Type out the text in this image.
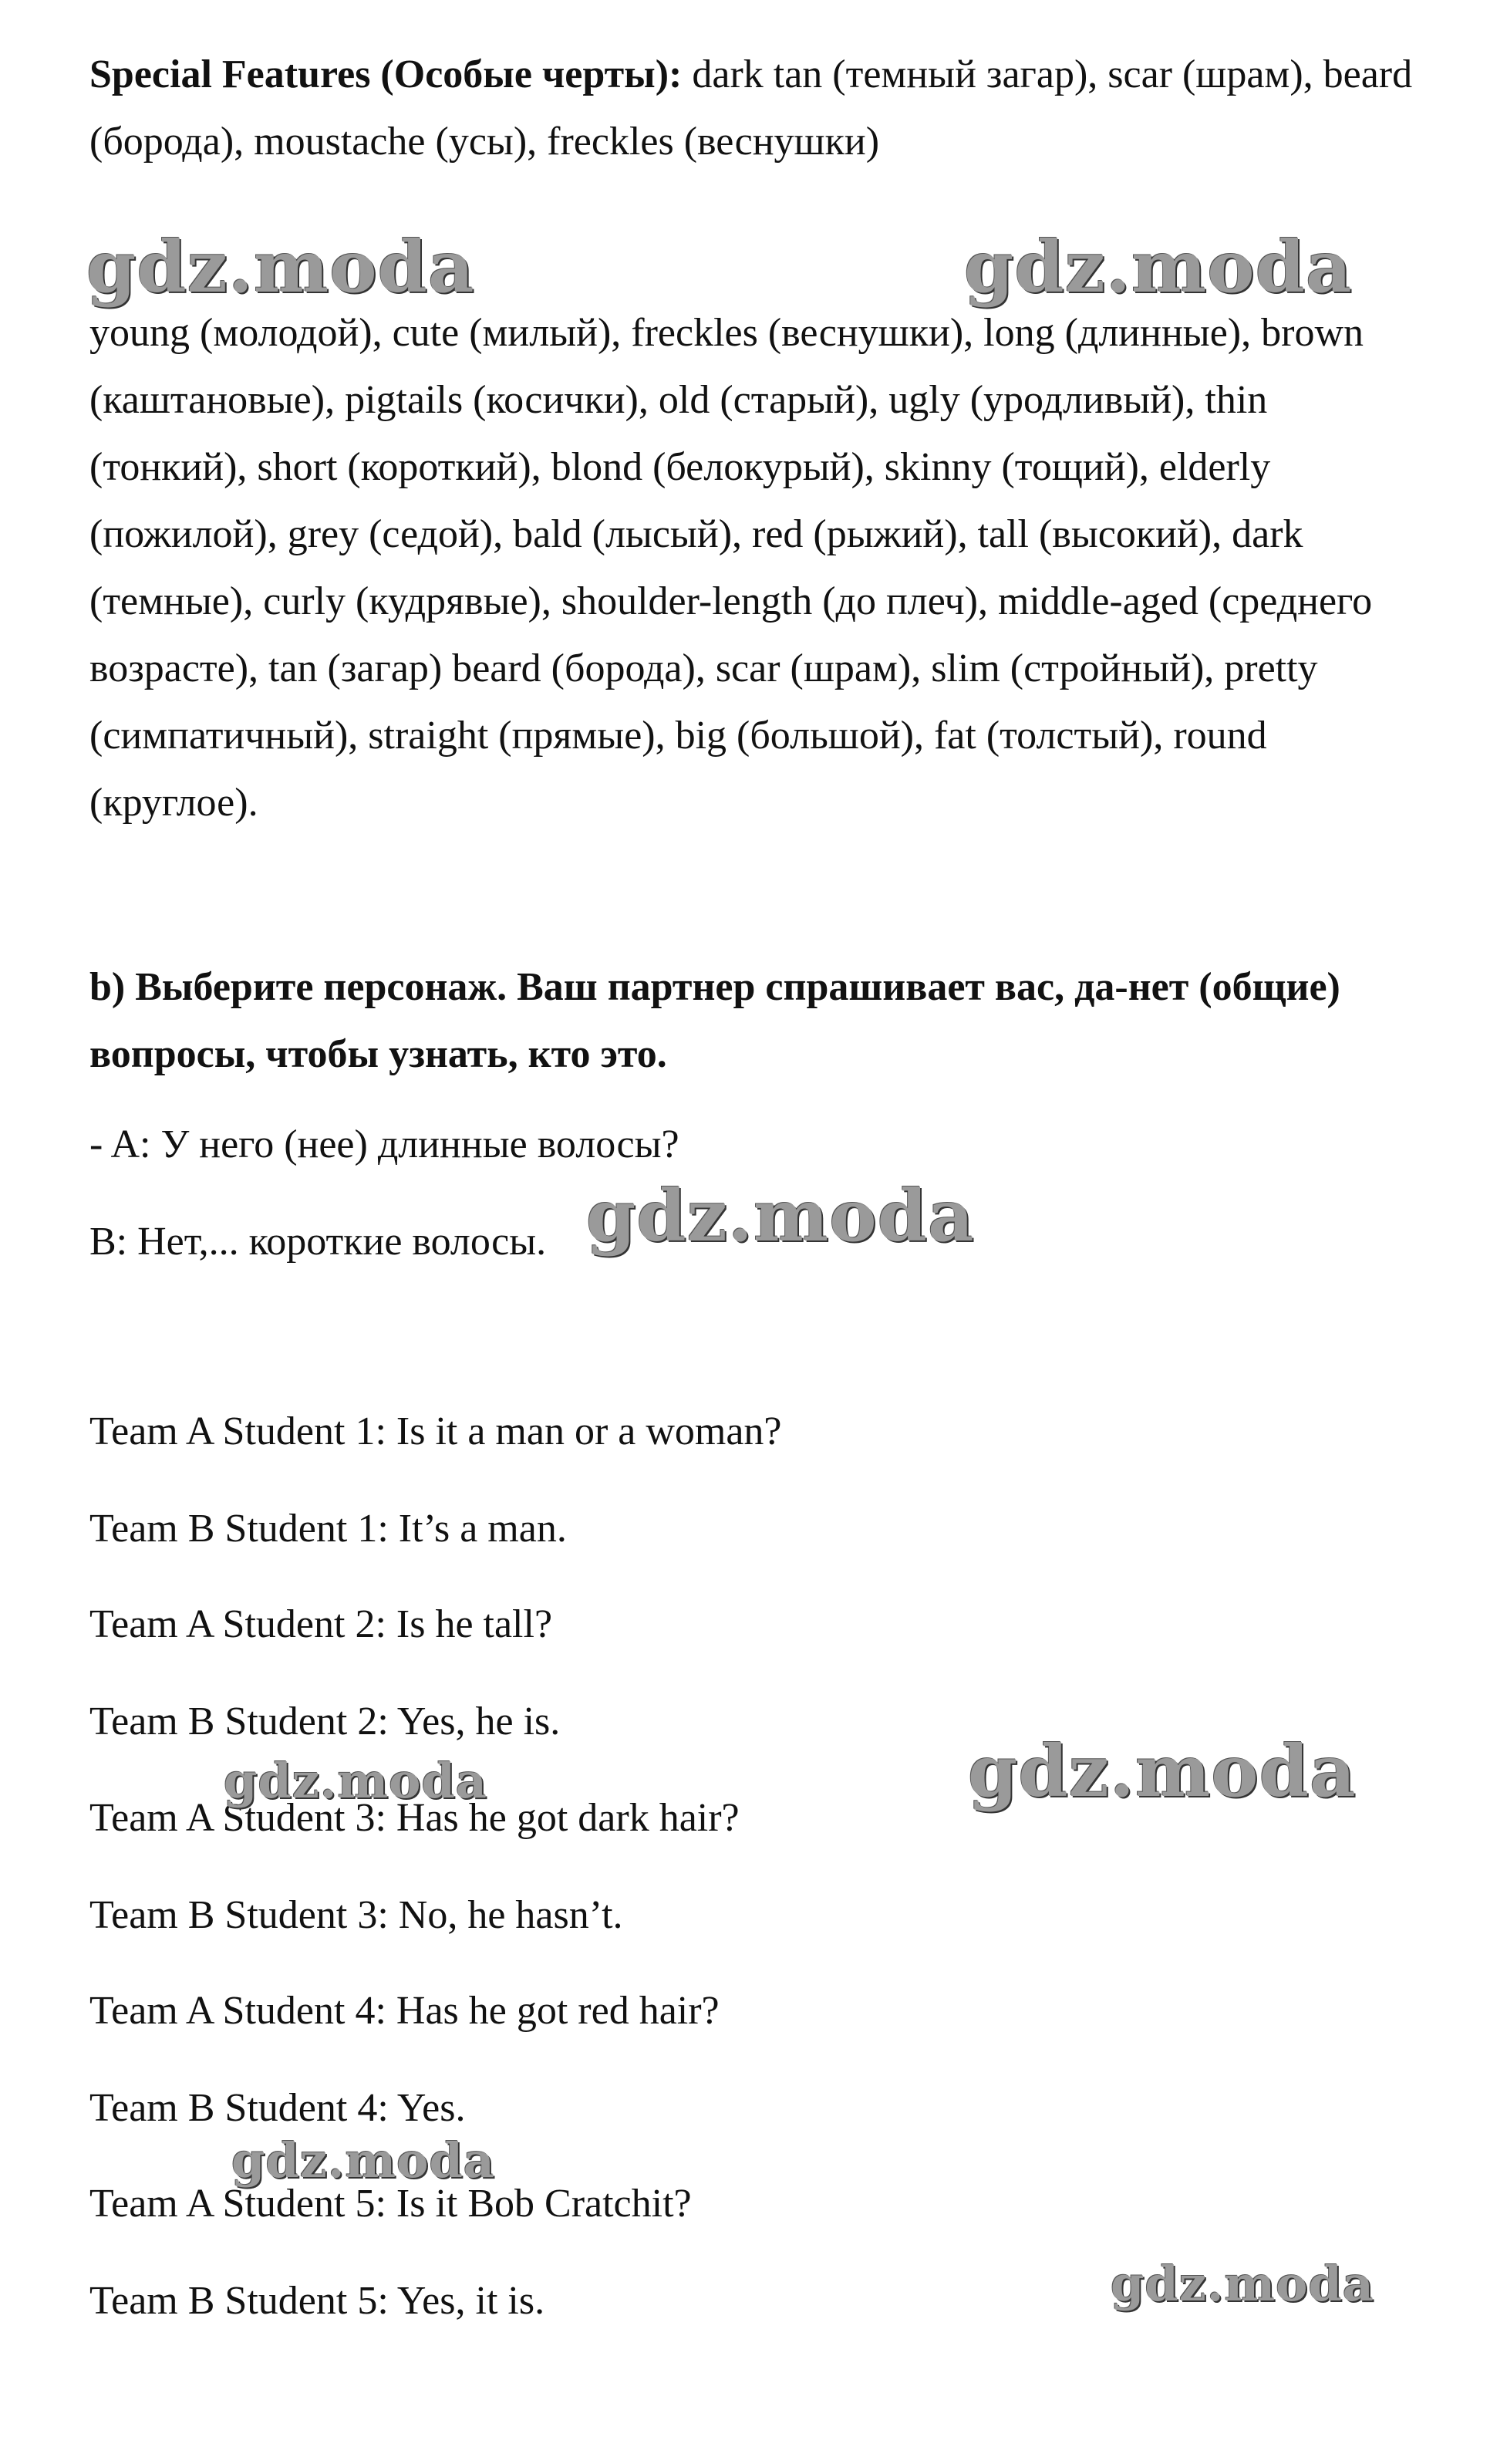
Special Features (Особые черты): dark tan (темный загар), scar (шрам), beard (борода), moustache (усы), freckles (веснушки)
young (молодой), cute (милый), freckles (веснушки), long (длинные), brown (каштановые), pigtails (косички), old (старый), ugly (уродливый), thin (тонкий), short (короткий), blond (белокурый), skinny (тощий), elderly (пожилой), grey (седой), bald (лысый), red (рыжий), tall (высокий), dark (темные), curly (кудрявые), shoulder-length (до плеч), middle-aged (среднего возрасте), tan (загар) beard (борода), scar (шрам), slim (стройный), pretty (симпатичный), straight (прямые), big (большой), fat (толстый), round (круглое).
b) Выберите персонаж. Ваш партнер спрашивает вас, да-нет (общие) вопросы, чтобы узнать, кто это.
- A: У него (нее) длинные волосы?
B: Нет,... короткие волосы.
Team A Student 1: Is it a man or a woman?
Team B Student 1: It’s a man.
Team A Student 2: Is he tall?
Team B Student 2: Yes, he is.
Team A Student 3: Has he got dark hair?
Team B Student 3: No, he hasn’t.
Team A Student 4: Has he got red hair?
Team B Student 4: Yes.
Team A Student 5: Is it Bob Cratchit?
Team B Student 5: Yes, it is.
gdz.moda	gdz.moda
gdz.moda
gdz.moda
gdz.moda
gdz.moda
gdz.moda
